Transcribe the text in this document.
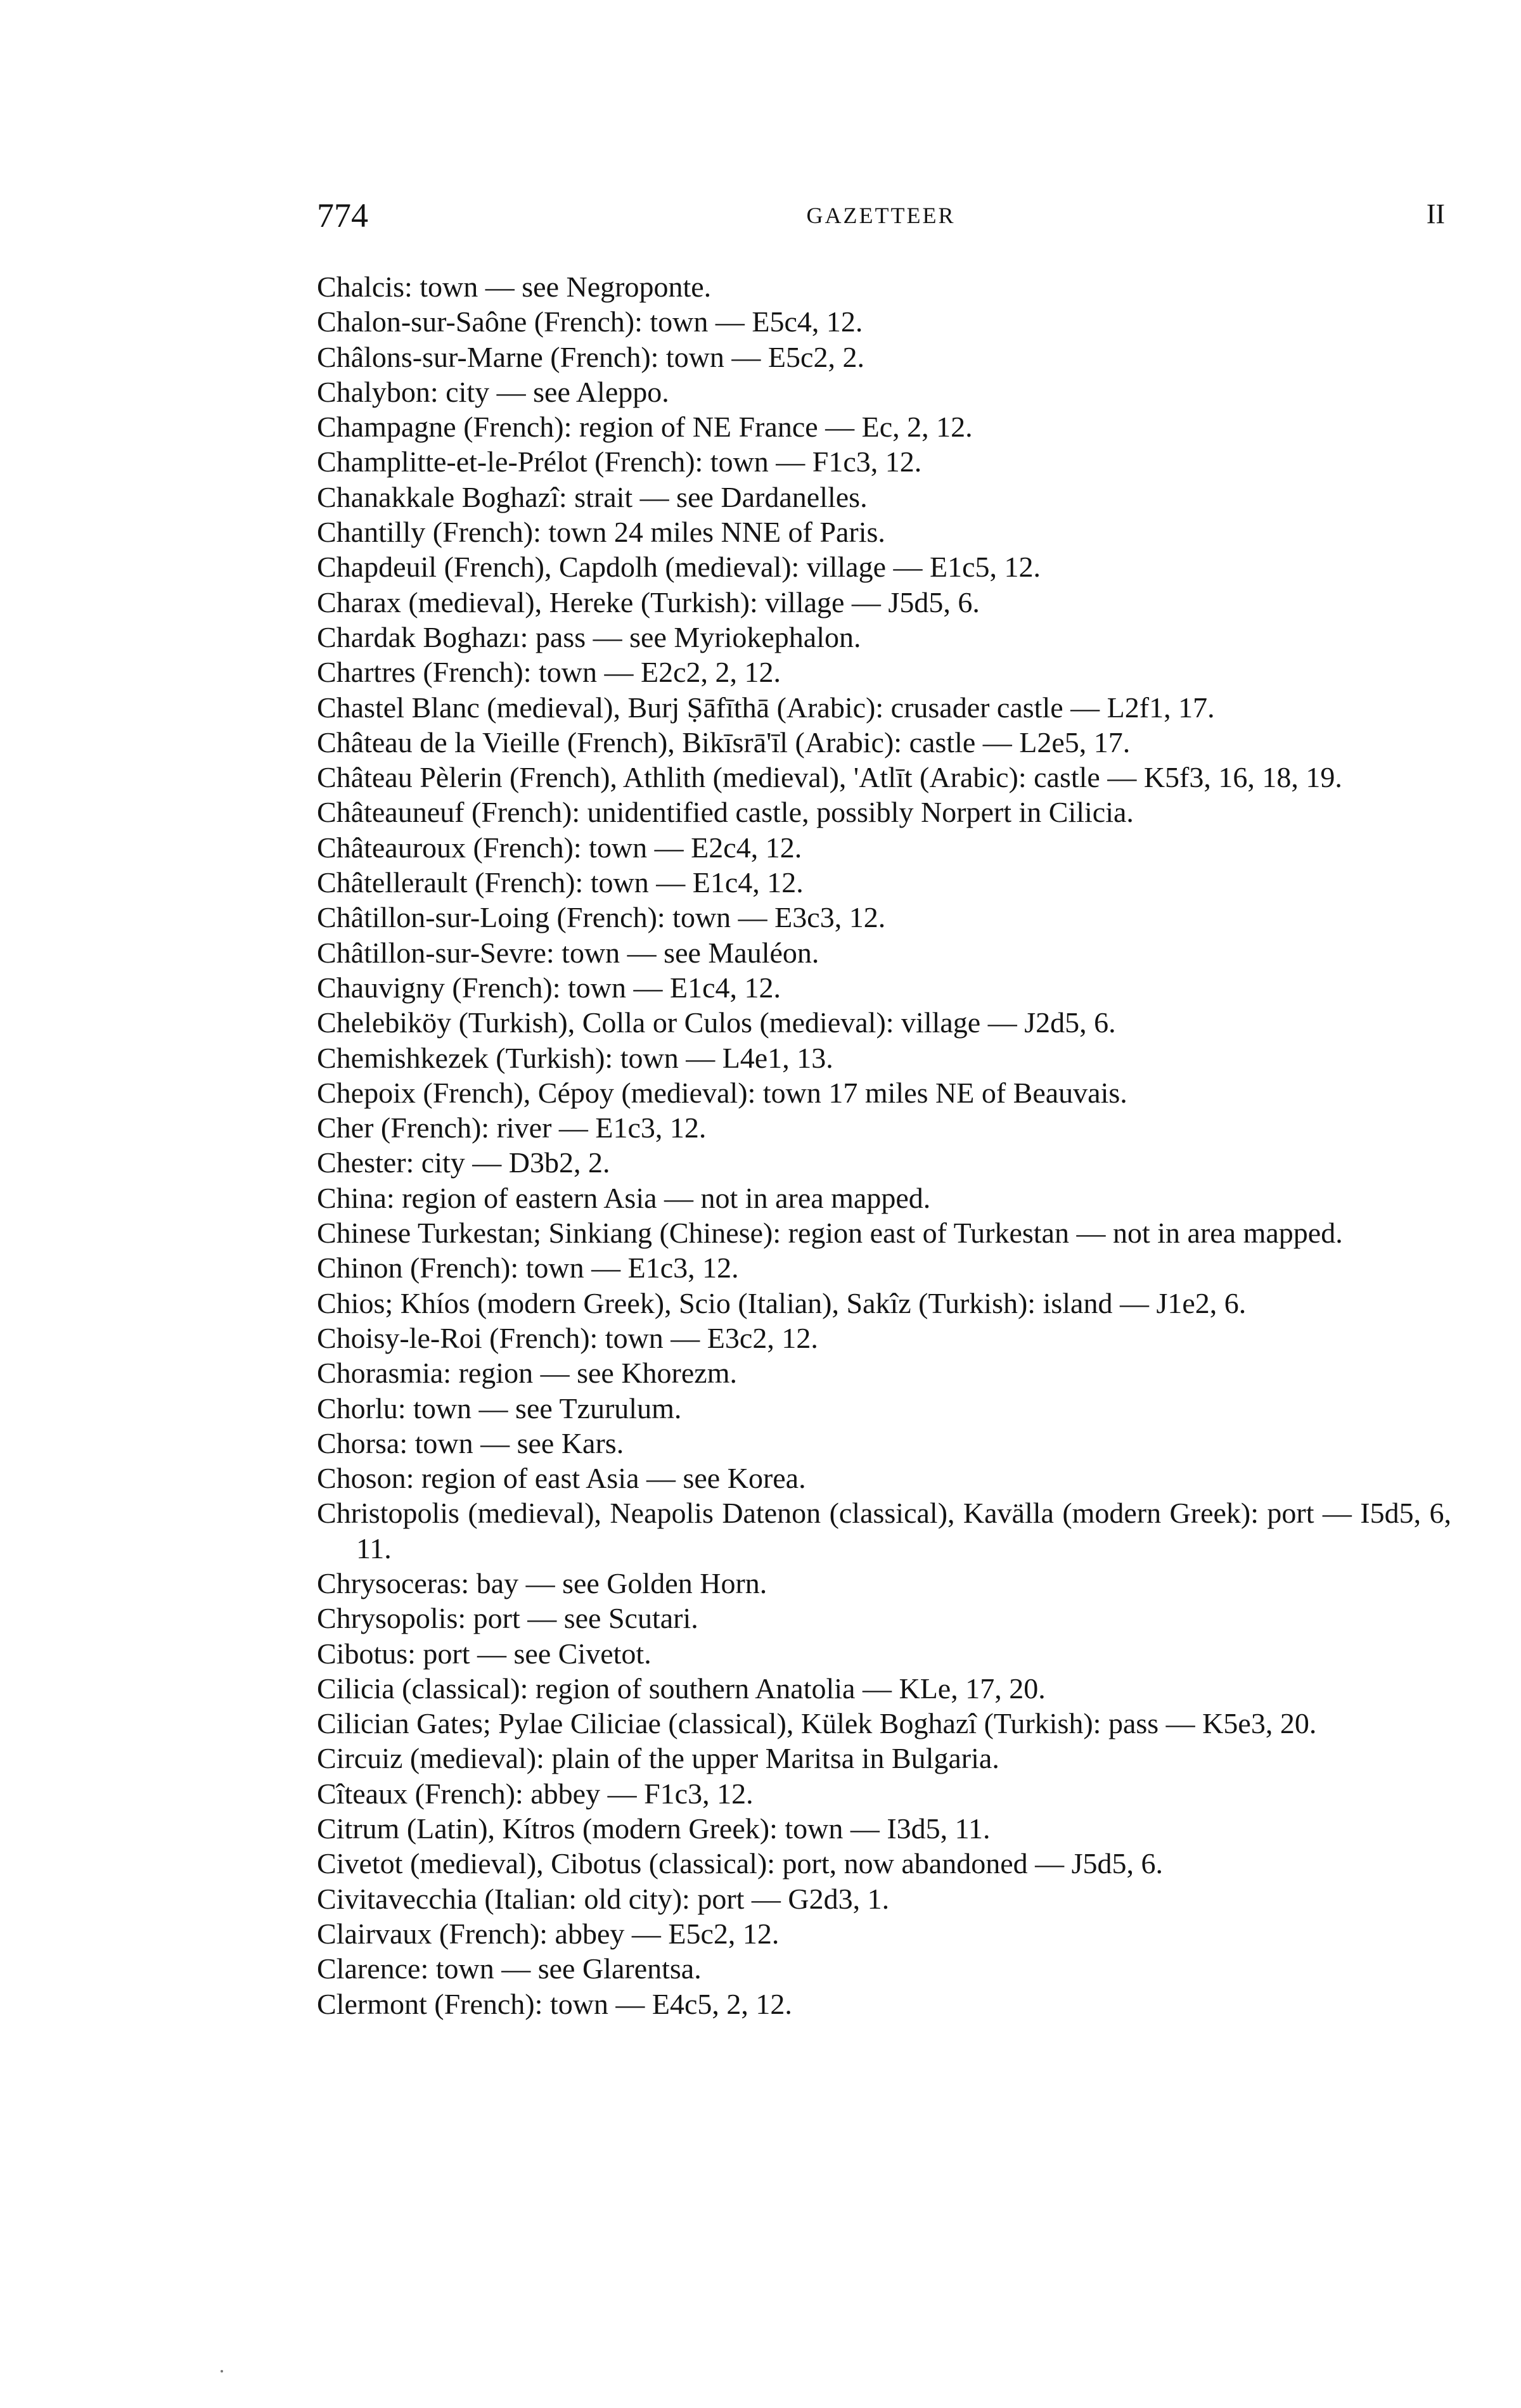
774	GAZETTEER	II
Chalcis: town — see Negroponte.
Chalon-sur-Saône (French): town — E5c4, 12.
Châlons-sur-Marne (French): town — E5c2, 2.
Chalybon: city — see Aleppo.
Champagne (French): region of NE France — Ec, 2, 12.
Champlitte-et-le-Prélot (French): town — F1c3, 12.
Chanakkale Boghazî: strait — see Dardanelles.
Chantilly (French): town 24 miles NNE of Paris.
Chapdeuil (French), Capdolh (medieval): village — E1c5, 12.
Charax (medieval), Hereke (Turkish): village — J5d5, 6.
Chardak Boghazı: pass — see Myriokephalon.
Chartres (French): town — E2c2, 2, 12.
Chastel Blanc (medieval), Burj Ṣāfīthā (Arabic): crusader castle — L2f1, 17.
Château de la Vieille (French), Bikīsrā'īl (Arabic): castle — L2e5, 17.
Château Pèlerin (French), Athlith (medieval), 'Atlīt (Arabic): castle — K5f3, 16, 18, 19.
Châteauneuf (French): unidentified castle, possibly Norpert in Cilicia.
Châteauroux (French): town — E2c4, 12.
Châtellerault (French): town — E1c4, 12.
Châtillon-sur-Loing (French): town — E3c3, 12.
Châtillon-sur-Sevre: town — see Mauléon.
Chauvigny (French): town — E1c4, 12.
Chelebiköy (Turkish), Colla or Culos (medieval): village — J2d5, 6.
Chemishkezek (Turkish): town — L4e1, 13.
Chepoix (French), Cépoy (medieval): town 17 miles NE of Beauvais.
Cher (French): river — E1c3, 12.
Chester: city — D3b2, 2.
China: region of eastern Asia — not in area mapped.
Chinese Turkestan; Sinkiang (Chinese): region east of Turkestan — not in area mapped.
Chinon (French): town — E1c3, 12.
Chios; Khíos (modern Greek), Scio (Italian), Sakîz (Turkish): island — J1e2, 6.
Choisy-le-Roi (French): town — E3c2, 12.
Chorasmia: region — see Khorezm.
Chorlu: town — see Tzurulum.
Chorsa: town — see Kars.
Choson: region of east Asia — see Korea.
Christopolis (medieval), Neapolis Datenon (classical), Kavälla (modern Greek): port — I5d5, 6, 11.
Chrysoceras: bay — see Golden Horn.
Chrysopolis: port — see Scutari.
Cibotus: port — see Civetot.
Cilicia (classical): region of southern Anatolia — KLe, 17, 20.
Cilician Gates; Pylae Ciliciae (classical), Külek Boghazî (Turkish): pass — K5e3, 20.
Circuiz (medieval): plain of the upper Maritsa in Bulgaria.
Cîteaux (French): abbey — F1c3, 12.
Citrum (Latin), Kítros (modern Greek): town — I3d5, 11.
Civetot (medieval), Cibotus (classical): port, now abandoned — J5d5, 6.
Civitavecchia (Italian: old city): port — G2d3, 1.
Clairvaux (French): abbey — E5c2, 12.
Clarence: town — see Glarentsa.
Clermont (French): town — E4c5, 2, 12.
